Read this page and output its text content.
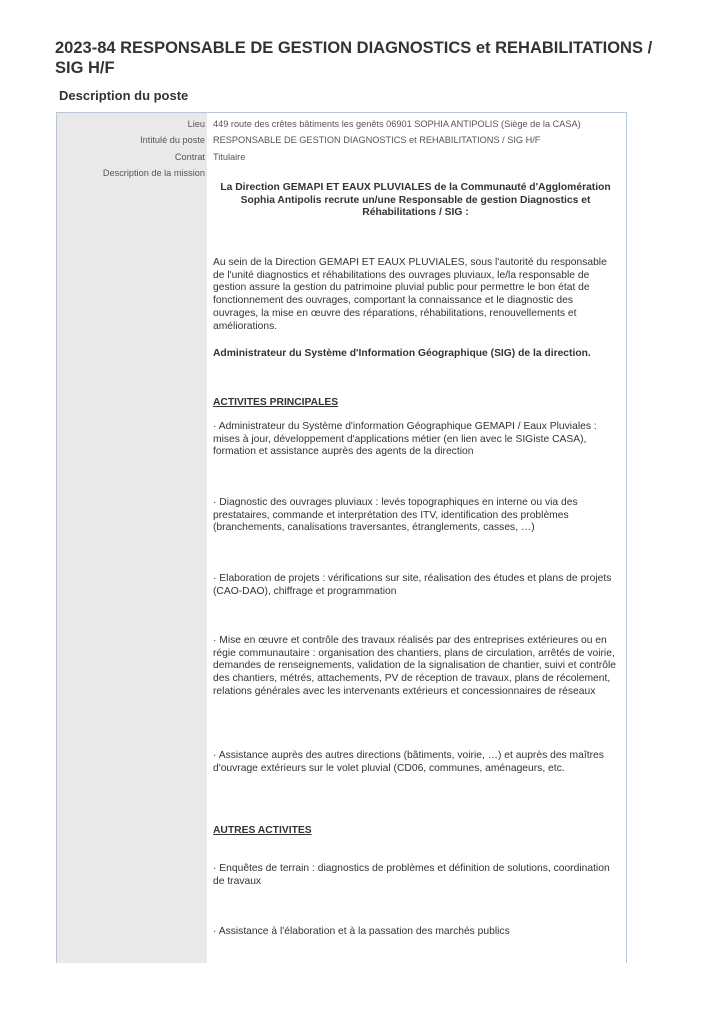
2023-84 RESPONSABLE DE GESTION DIAGNOSTICS et REHABILITATIONS / SIG H/F
Description du poste
Lieu 449 route des crêtes bâtiments les genêts 06901 SOPHIA ANTIPOLIS (Siège de la CASA)
Intitulé du poste RESPONSABLE DE GESTION DIAGNOSTICS et REHABILITATIONS / SIG H/F
Contrat Titulaire
Description de la mission

La Direction GEMAPI ET EAUX PLUVIALES de la Communauté d'Agglomération Sophia Antipolis recrute un/une Responsable de gestion Diagnostics et Réhabilitations / SIG :

Au sein de la Direction GEMAPI ET EAUX PLUVIALES, sous l'autorité du responsable de l'unité diagnostics et réhabilitations des ouvrages pluviaux, le/la responsable de gestion assure la gestion du patrimoine pluvial public pour permettre le bon état de fonctionnement des ouvrages, comportant la connaissance et le diagnostic des ouvrages, la mise en œuvre des réparations, réhabilitations, renouvellements et améliorations.

Administrateur du Système d'Information Géographique (SIG) de la direction.

ACTIVITES PRINCIPALES

· Administrateur du Système d'information Géographique GEMAPI / Eaux Pluviales : mises à jour, développement d'applications métier (en lien avec le SIGiste CASA), formation et assistance auprès des agents de la direction

· Diagnostic des ouvrages pluviaux : levés topographiques en interne ou via des prestataires, commande et interprétation des ITV, identification des problèmes (branchements, canalisations traversantes, étranglements, casses, …)

· Elaboration de projets : vérifications sur site, réalisation des études et plans de projets (CAO-DAO), chiffrage et programmation

· Mise en œuvre et contrôle des travaux réalisés par des entreprises extérieures ou en régie communautaire : organisation des chantiers, plans de circulation, arrêtés de voirie, demandes de renseignements, validation de la signalisation de chantier, suivi et contrôle des chantiers, métrés, attachements, PV de réception de travaux, plans de récolement, relations générales avec les intervenants extérieurs et concessionnaires de réseaux

· Assistance auprès des autres directions (bâtiments, voirie, …) et auprès des maîtres d'ouvrage extérieurs sur le volet pluvial (CD06, communes, aménageurs, etc.

AUTRES ACTIVITES

· Enquêtes de terrain : diagnostics de problèmes et définition de solutions, coordination de travaux

· Assistance à l'élaboration et à la passation des marchés publics
